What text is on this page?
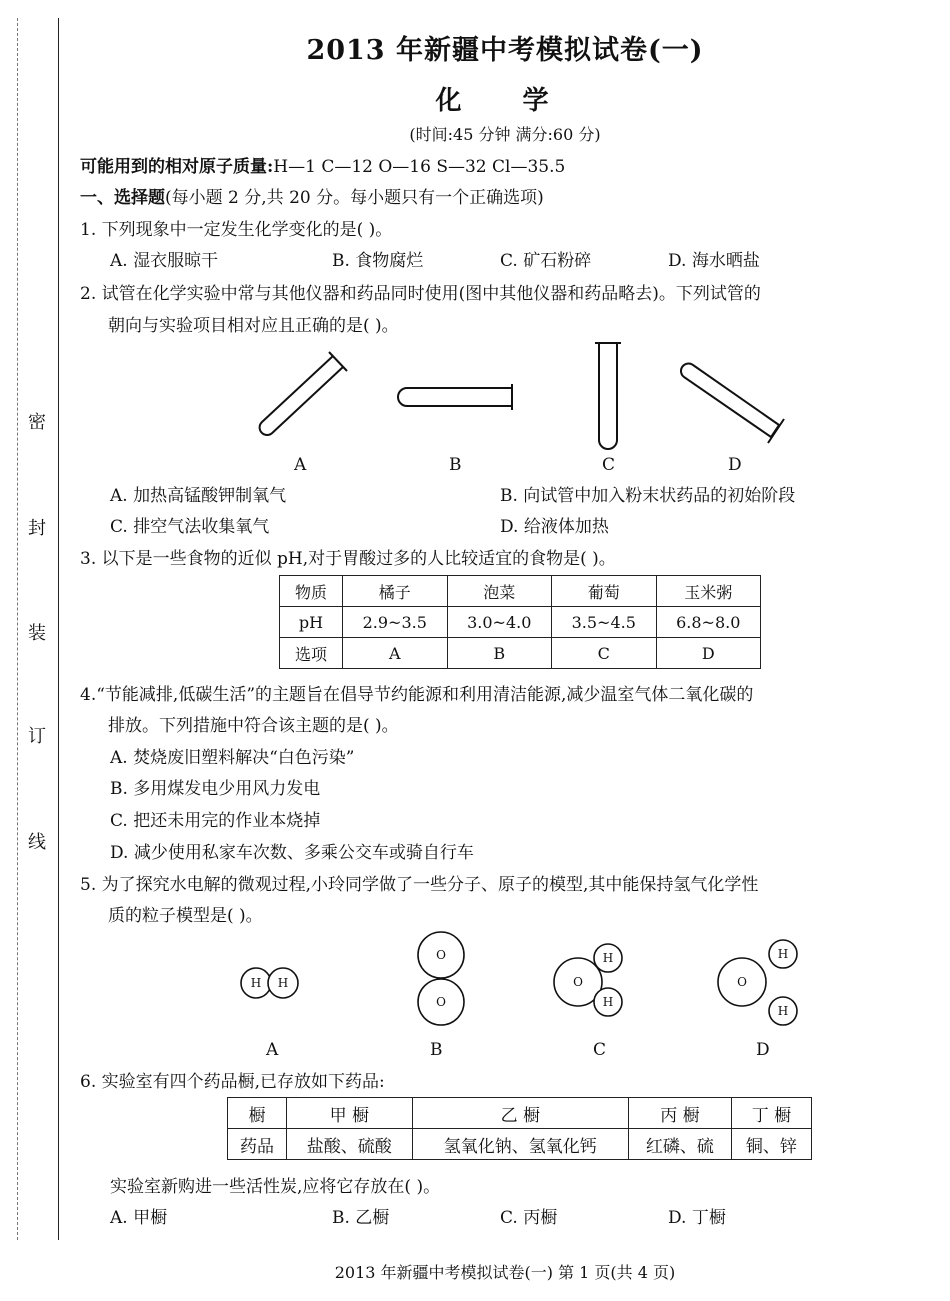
密
封
装
订
线
2013 年新疆中考模拟试卷(一)
化 学
(时间:45 分钟 满分:60 分)
可能用到的相对原子质量:H—1 C—12 O—16 S—32 Cl—35.5
一、选择题(每小题 2 分,共 20 分。每小题只有一个正确选项)
1. 下列现象中一定发生化学变化的是( )。
A. 湿衣服晾干	B. 食物腐烂	C. 矿石粉碎	D. 海水晒盐
2. 试管在化学实验中常与其他仪器和药品同时使用(图中其他仪器和药品略去)。下列试管的
朝向与实验项目相对应且正确的是( )。
H H
O
O
O
H
H
O
H
H
A	B	C	D
A. 加热高锰酸钾制氧气	B. 向试管中加入粉末状药品的初始阶段
C. 排空气法收集氧气	D. 给液体加热
3. 以下是一些食物的近似 pH,对于胃酸过多的人比较适宜的食物是( )。
物质	橘子	泡菜	葡萄	玉米粥
pH	2.9~3.5	3.0~4.0	3.5~4.5	6.8~8.0
选项	A	B	C	D
4.“节能减排,低碳生活”的主题旨在倡导节约能源和利用清洁能源,减少温室气体二氧化碳的
排放。下列措施中符合该主题的是( )。
A. 焚烧废旧塑料解决“白色污染”
B. 多用煤发电少用风力发电
C. 把还未用完的作业本烧掉
D. 减少使用私家车次数、多乘公交车或骑自行车
5. 为了探究水电解的微观过程,小玲同学做了一些分子、原子的模型,其中能保持氢气化学性
质的粒子模型是( )。
A	B	C	D
6. 实验室有四个药品橱,已存放如下药品:
橱	甲 橱	乙 橱	丙 橱	丁 橱
药品	盐酸、硫酸	氢氧化钠、氢氧化钙	红磷、硫	铜、锌
实验室新购进一些活性炭,应将它存放在( )。
A. 甲橱	B. 乙橱	C. 丙橱	D. 丁橱
2013 年新疆中考模拟试卷(一) 第 1 页(共 4 页)
